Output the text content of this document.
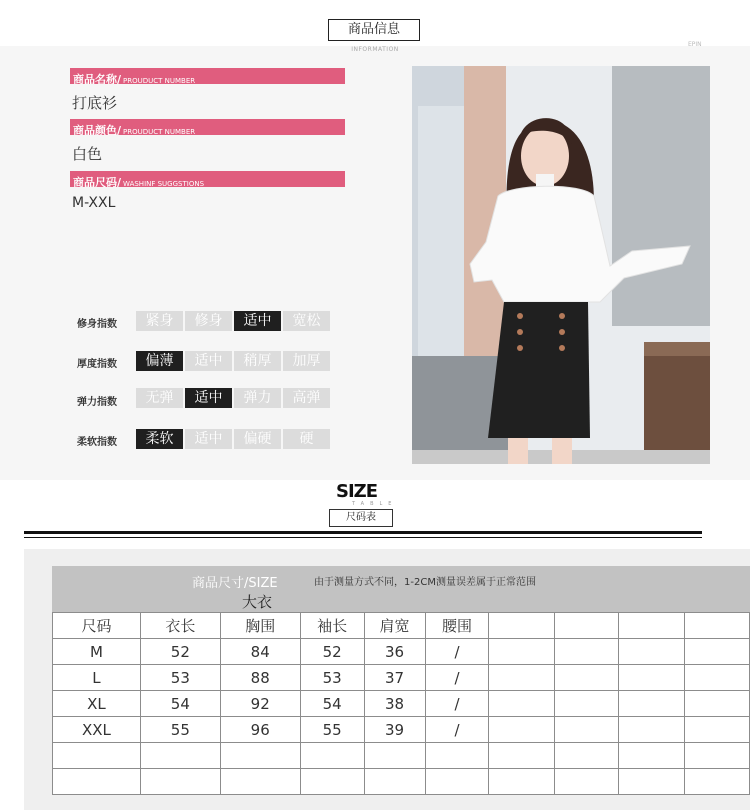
商品信息
INFORMATION
EPIN
商品名称/ PROUDUCT NUMBER
打底衫
商品颜色/ PROUDUCT NUMBER
白色
商品尺码/ WASHINF SUGGSTIONS
M-XXL
修身指数	紧身	修身	适中	宽松
厚度指数	偏薄	适中	稍厚	加厚
弹力指数	无弹	适中	弹力	高弹
柔软指数	柔软	适中	偏硬	硬
SIZE
TABLE
尺码表
商品尺寸/SIZE
大衣
由于测量方式不同，1-2CM测量误差属于正常范围
尺码	衣长	胸围	袖长	肩宽	腰围				
M	52	84	52	36	/				
L	53	88	53	37	/				
XL	54	92	54	38	/				
XXL	55	96	55	39	/				
